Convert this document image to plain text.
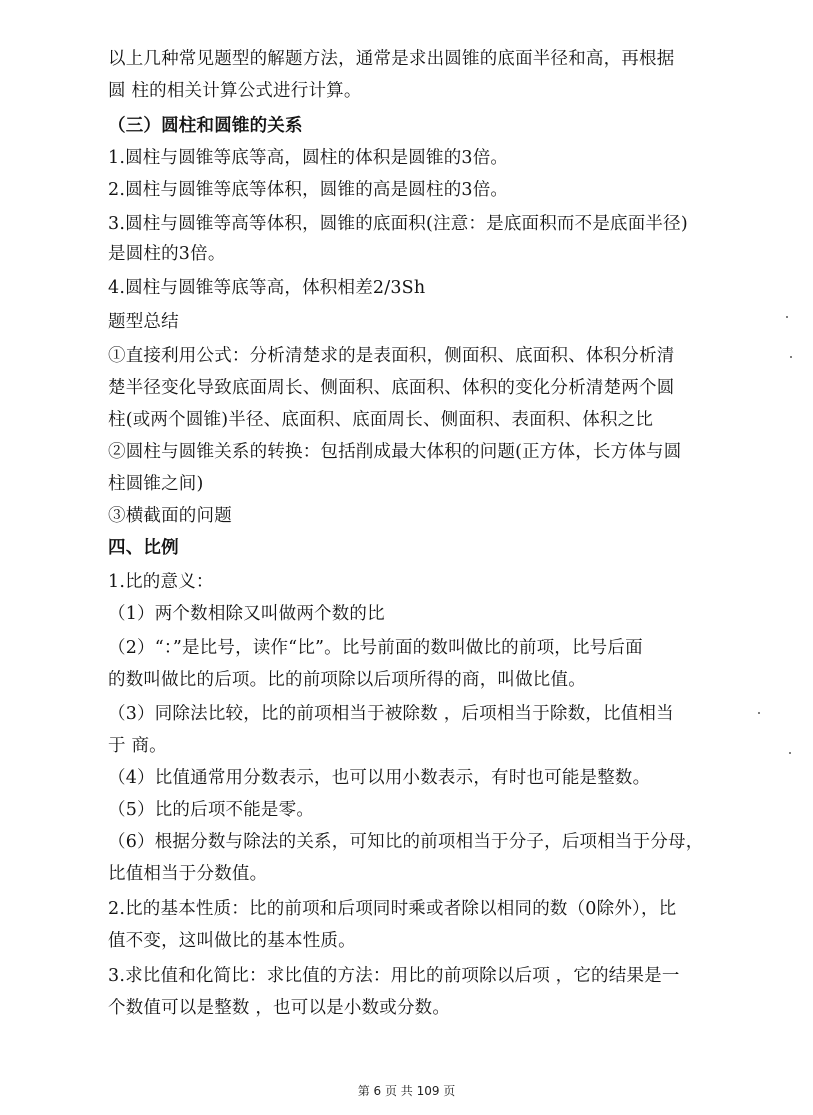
以上几种常见题型的解题方法，通常是求出圆锥的底面半径和高，再根据
圆 柱的相关计算公式进行计算。
（三）圆柱和圆锥的关系
1.圆柱与圆锥等底等高，圆柱的体积是圆锥的3倍。
2.圆柱与圆锥等底等体积，圆锥的高是圆柱的3倍。
3.圆柱与圆锥等高等体积，圆锥的底面积(注意：是底面积而不是底面半径)
是圆柱的3倍。
4.圆柱与圆锥等底等高，体积相差2/3Sh
题型总结
①直接利用公式：分析清楚求的是表面积，侧面积、底面积、体积分析清
楚半径变化导致底面周长、侧面积、底面积、体积的变化分析清楚两个圆
柱(或两个圆锥)半径、底面积、底面周长、侧面积、表面积、体积之比
②圆柱与圆锥关系的转换：包括削成最大体积的问题(正方体，长方体与圆
柱圆锥之间)
③横截面的问题
四、比例
1.比的意义：
（1）两个数相除又叫做两个数的比
（2）“：”是比号，读作“比”。比号前面的数叫做比的前项，比号后面
的数叫做比的后项。比的前项除以后项所得的商，叫做比值。
（3）同除法比较，比的前项相当于被除数 ，后项相当于除数，比值相当
于 商。
（4）比值通常用分数表示，也可以用小数表示，有时也可能是整数。
（5）比的后项不能是零。
（6）根据分数与除法的关系，可知比的前项相当于分子，后项相当于分母，
比值相当于分数值。
2.比的基本性质：比的前项和后项同时乘或者除以相同的数（0除外），比
值不变，这叫做比的基本性质。
3.求比值和化简比：求比值的方法：用比的前项除以后项 ，它的结果是一
个数值可以是整数 ，也可以是小数或分数。
第 6 页 共 109 页
